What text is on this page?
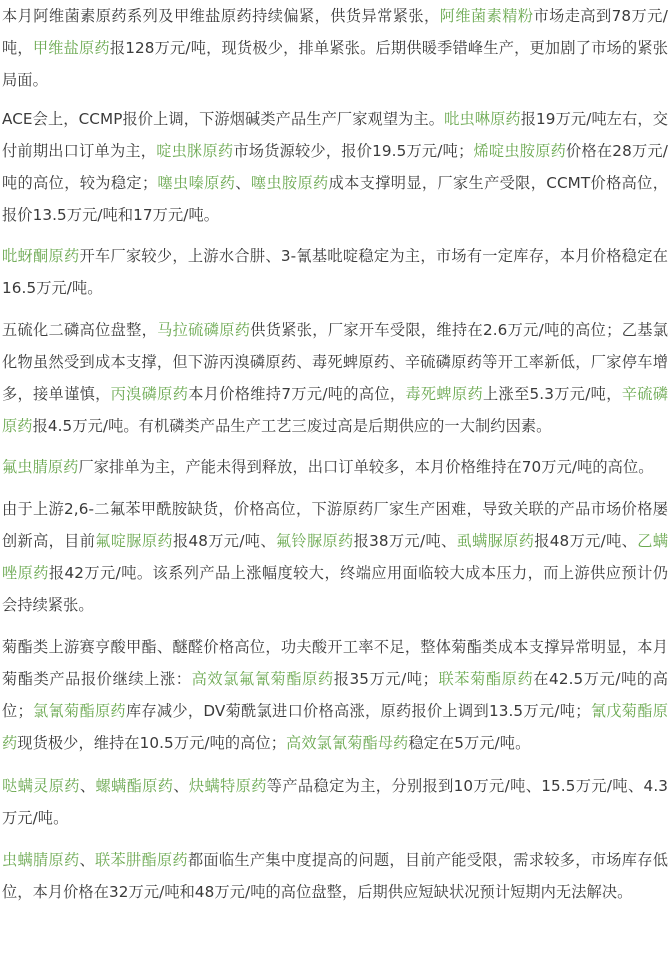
本月阿维菌素原药系列及甲维盐原药持续偏紧，供货异常紧张，阿维菌素精粉市场走高到78万元/吨，甲维盐原药报128万元/吨，现货极少，排单紧张。后期供暖季错峰生产，更加剧了市场的紧张局面。

ACE会上，CCMP报价上调，下游烟碱类产品生产厂家观望为主。吡虫啉原药报19万元/吨左右，交付前期出口订单为主，啶虫脒原药市场货源较少，报价19.5万元/吨；烯啶虫胺原药价格在28万元/吨的高位，较为稳定；噻虫嗪原药、噻虫胺原药成本支撑明显，厂家生产受限，CCMT价格高位，报价13.5万元/吨和17万元/吨。

吡蚜酮原药开车厂家较少，上游水合肼、3-氰基吡啶稳定为主，市场有一定库存，本月价格稳定在16.5万元/吨。

五硫化二磷高位盘整，马拉硫磷原药供货紧张，厂家开车受限，维持在2.6万元/吨的高位；乙基氯化物虽然受到成本支撑，但下游丙溴磷原药、毒死蜱原药、辛硫磷原药等开工率新低，厂家停车增多，接单谨慎，丙溴磷原药本月价格维持7万元/吨的高位，毒死蜱原药上涨至5.3万元/吨，辛硫磷原药报4.5万元/吨。有机磷类产品生产工艺三废过高是后期供应的一大制约因素。

氟虫腈原药厂家排单为主，产能未得到释放，出口订单较多，本月价格维持在70万元/吨的高位。

由于上游2,6-二氟苯甲酰胺缺货，价格高位，下游原药厂家生产困难，导致关联的产品市场价格屡创新高，目前氟啶脲原药报48万元/吨、氟铃脲原药报38万元/吨、虱螨脲原药报48万元/吨、乙螨唑原药报42万元/吨。该系列产品上涨幅度较大，终端应用面临较大成本压力，而上游供应预计仍会持续紧张。

菊酯类上游赛亨酸甲酯、醚醛价格高位，功夫酸开工率不足，整体菊酯类成本支撑异常明显，本月菊酯类产品报价继续上涨：高效氯氟氰菊酯原药报35万元/吨；联苯菊酯原药在42.5万元/吨的高位；氯氰菊酯原药库存减少，DV菊酰氯进口价格高涨，原药报价上调到13.5万元/吨；氰戊菊酯原药现货极少，维持在10.5万元/吨的高位；高效氯氰菊酯母药稳定在5万元/吨。

哒螨灵原药、螺螨酯原药、炔螨特原药等产品稳定为主，分别报到10万元/吨、15.5万元/吨、4.3万元/吨。

虫螨腈原药、联苯肼酯原药都面临生产集中度提高的问题，目前产能受限，需求较多，市场库存低位，本月价格在32万元/吨和48万元/吨的高位盘整，后期供应短缺状况预计短期内无法解决。
